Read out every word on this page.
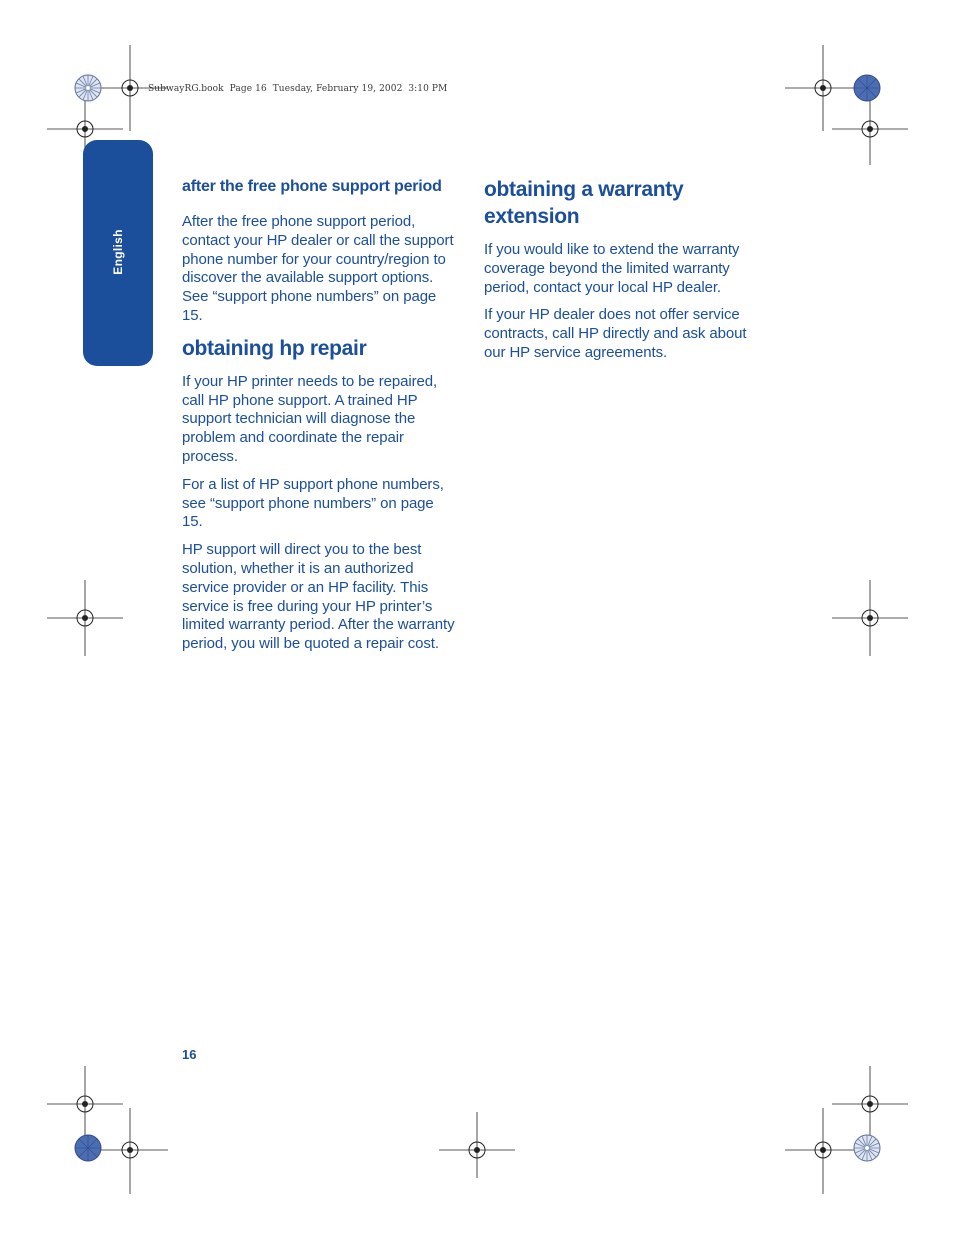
SubwayRG.book  Page 16  Tuesday, February 19, 2002  3:10 PM
English
after the free phone support period

After the free phone support period, contact your HP dealer or call the support phone number for your country/region to discover the available support options. See “support phone numbers” on page 15.

obtaining hp repair

If your HP printer needs to be repaired, call HP phone support. A trained HP support technician will diagnose the problem and coordinate the repair process.

For a list of HP support phone numbers, see “support phone numbers” on page 15.

HP support will direct you to the best solution, whether it is an authorized service provider or an HP facility. This service is free during your HP printer’s limited warranty period. After the warranty period, you will be quoted a repair cost.

obtaining a warranty extension

If you would like to extend the warranty coverage beyond the limited warranty period, contact your local HP dealer.

If your HP dealer does not offer service contracts, call HP directly and ask about our HP service agreements.

16
